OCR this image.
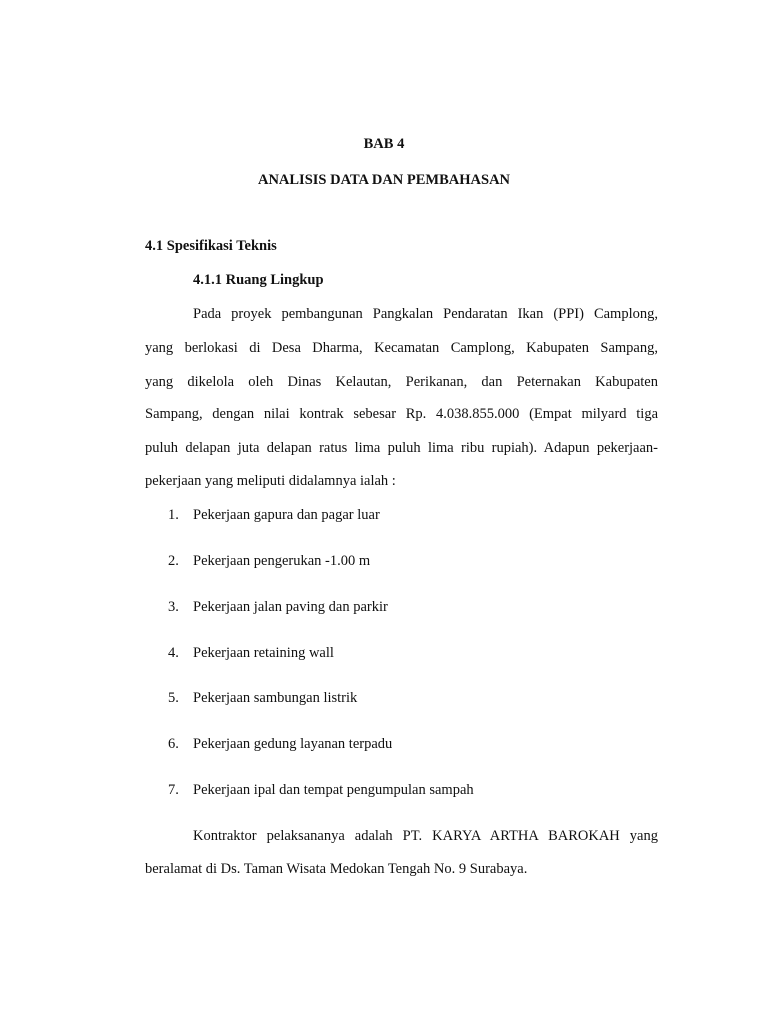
BAB 4
ANALISIS DATA DAN PEMBAHASAN
4.1 Spesifikasi Teknis
4.1.1 Ruang Lingkup
Pada proyek pembangunan Pangkalan Pendaratan Ikan (PPI) Camplong,
yang berlokasi di Desa Dharma, Kecamatan Camplong, Kabupaten Sampang,
yang dikelola oleh Dinas Kelautan, Perikanan, dan Peternakan Kabupaten
Sampang, dengan nilai kontrak sebesar Rp. 4.038.855.000 (Empat milyard tiga
puluh delapan juta delapan ratus lima puluh lima ribu rupiah). Adapun pekerjaan-
pekerjaan yang meliputi didalamnya ialah :
1. Pekerjaan gapura dan pagar luar
2. Pekerjaan pengerukan -1.00 m
3. Pekerjaan jalan paving dan parkir
4. Pekerjaan retaining wall
5. Pekerjaan sambungan listrik
6. Pekerjaan gedung layanan terpadu
7. Pekerjaan ipal dan tempat pengumpulan sampah
Kontraktor pelaksananya adalah PT. KARYA ARTHA BAROKAH yang
beralamat di Ds. Taman Wisata Medokan Tengah No. 9 Surabaya.
